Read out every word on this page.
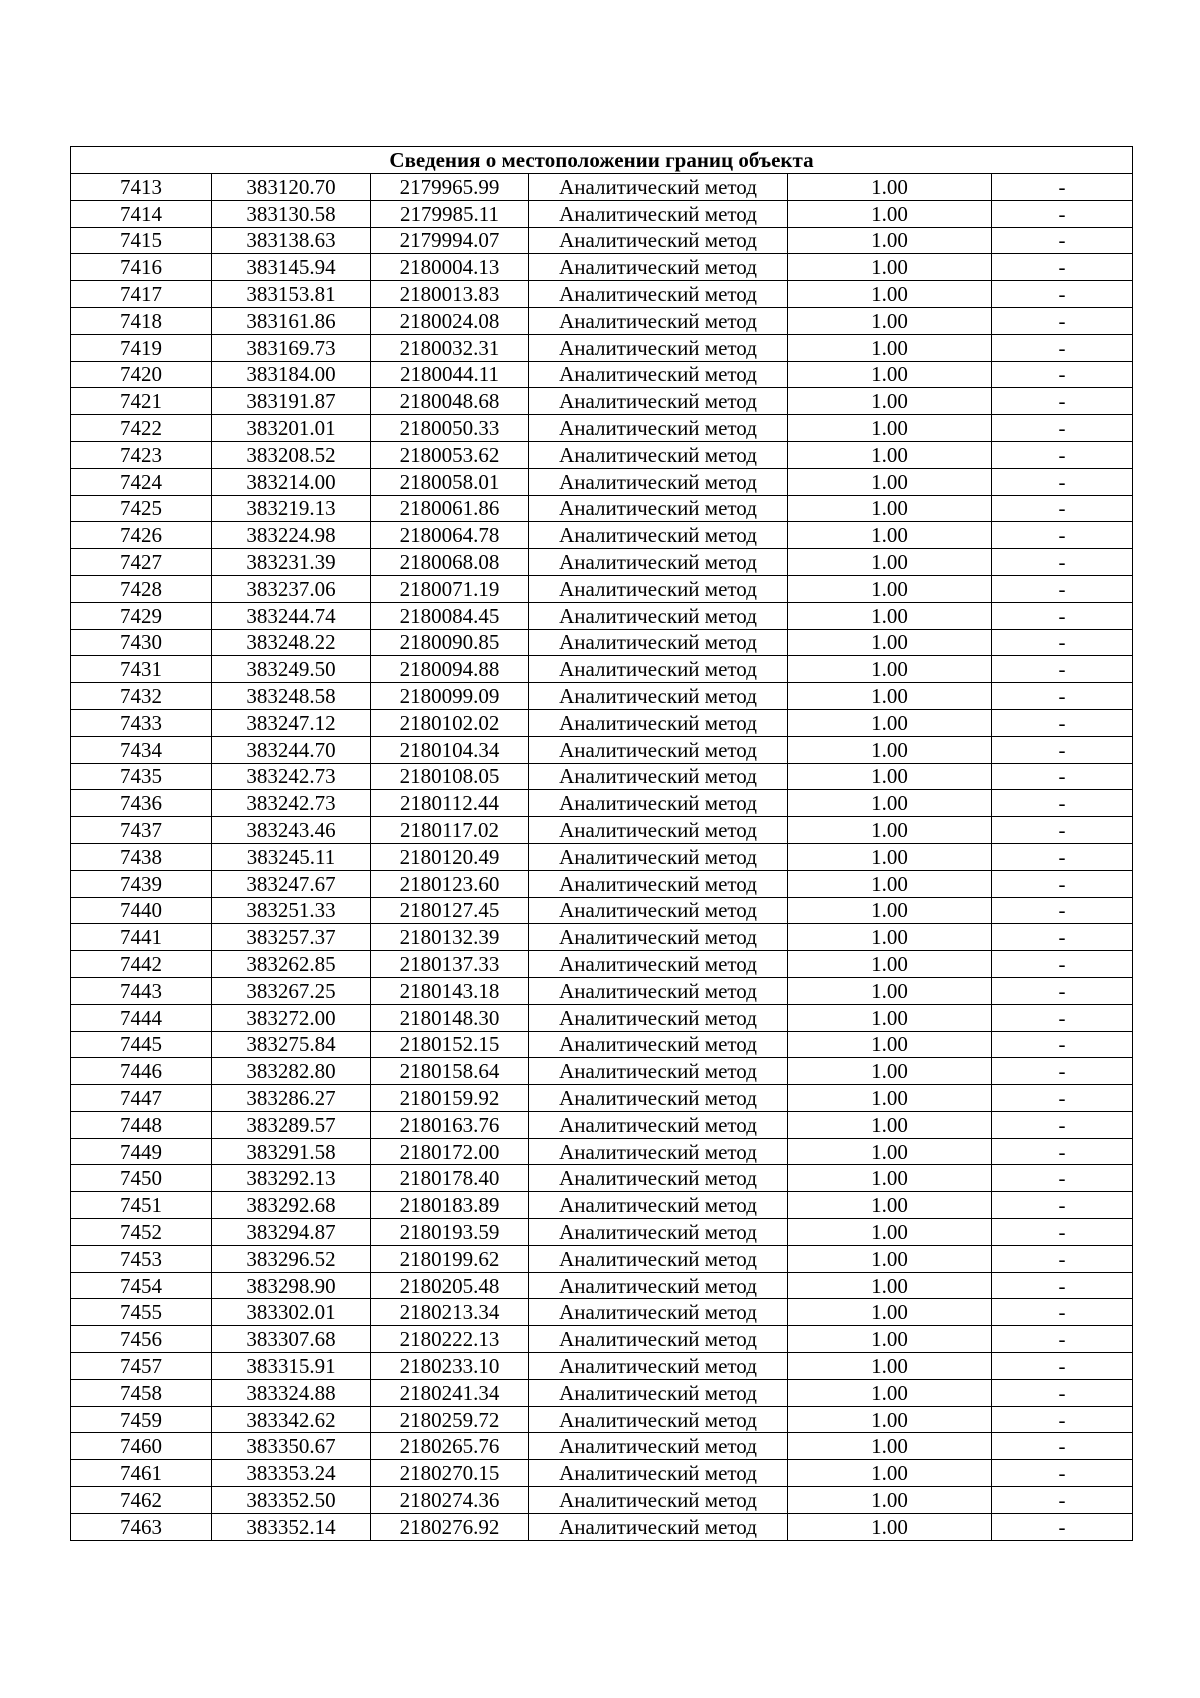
Сведения о местоположении границ объекта					
7413	383120.70	2179965.99	Аналитический метод	1.00	-
7414	383130.58	2179985.11	Аналитический метод	1.00	-
7415	383138.63	2179994.07	Аналитический метод	1.00	-
7416	383145.94	2180004.13	Аналитический метод	1.00	-
7417	383153.81	2180013.83	Аналитический метод	1.00	-
7418	383161.86	2180024.08	Аналитический метод	1.00	-
7419	383169.73	2180032.31	Аналитический метод	1.00	-
7420	383184.00	2180044.11	Аналитический метод	1.00	-
7421	383191.87	2180048.68	Аналитический метод	1.00	-
7422	383201.01	2180050.33	Аналитический метод	1.00	-
7423	383208.52	2180053.62	Аналитический метод	1.00	-
7424	383214.00	2180058.01	Аналитический метод	1.00	-
7425	383219.13	2180061.86	Аналитический метод	1.00	-
7426	383224.98	2180064.78	Аналитический метод	1.00	-
7427	383231.39	2180068.08	Аналитический метод	1.00	-
7428	383237.06	2180071.19	Аналитический метод	1.00	-
7429	383244.74	2180084.45	Аналитический метод	1.00	-
7430	383248.22	2180090.85	Аналитический метод	1.00	-
7431	383249.50	2180094.88	Аналитический метод	1.00	-
7432	383248.58	2180099.09	Аналитический метод	1.00	-
7433	383247.12	2180102.02	Аналитический метод	1.00	-
7434	383244.70	2180104.34	Аналитический метод	1.00	-
7435	383242.73	2180108.05	Аналитический метод	1.00	-
7436	383242.73	2180112.44	Аналитический метод	1.00	-
7437	383243.46	2180117.02	Аналитический метод	1.00	-
7438	383245.11	2180120.49	Аналитический метод	1.00	-
7439	383247.67	2180123.60	Аналитический метод	1.00	-
7440	383251.33	2180127.45	Аналитический метод	1.00	-
7441	383257.37	2180132.39	Аналитический метод	1.00	-
7442	383262.85	2180137.33	Аналитический метод	1.00	-
7443	383267.25	2180143.18	Аналитический метод	1.00	-
7444	383272.00	2180148.30	Аналитический метод	1.00	-
7445	383275.84	2180152.15	Аналитический метод	1.00	-
7446	383282.80	2180158.64	Аналитический метод	1.00	-
7447	383286.27	2180159.92	Аналитический метод	1.00	-
7448	383289.57	2180163.76	Аналитический метод	1.00	-
7449	383291.58	2180172.00	Аналитический метод	1.00	-
7450	383292.13	2180178.40	Аналитический метод	1.00	-
7451	383292.68	2180183.89	Аналитический метод	1.00	-
7452	383294.87	2180193.59	Аналитический метод	1.00	-
7453	383296.52	2180199.62	Аналитический метод	1.00	-
7454	383298.90	2180205.48	Аналитический метод	1.00	-
7455	383302.01	2180213.34	Аналитический метод	1.00	-
7456	383307.68	2180222.13	Аналитический метод	1.00	-
7457	383315.91	2180233.10	Аналитический метод	1.00	-
7458	383324.88	2180241.34	Аналитический метод	1.00	-
7459	383342.62	2180259.72	Аналитический метод	1.00	-
7460	383350.67	2180265.76	Аналитический метод	1.00	-
7461	383353.24	2180270.15	Аналитический метод	1.00	-
7462	383352.50	2180274.36	Аналитический метод	1.00	-
7463	383352.14	2180276.92	Аналитический метод	1.00	-
